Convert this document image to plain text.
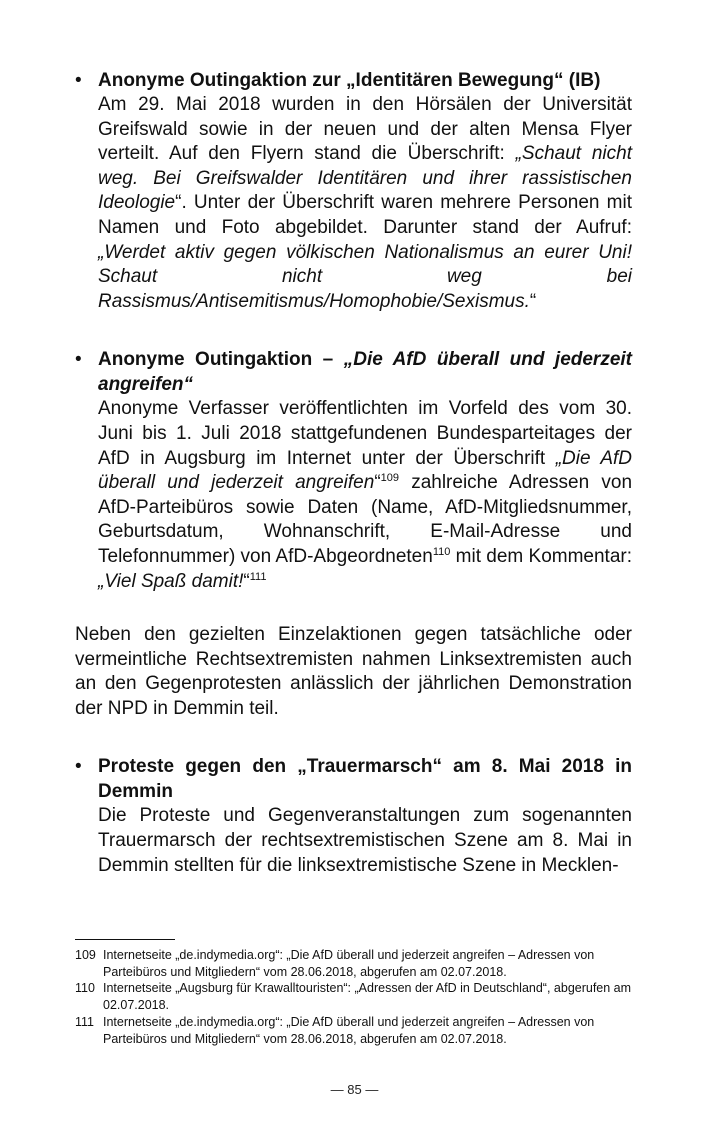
• Anonyme Outingaktion zur „Identitären Bewegung“ (IB)

Am 29. Mai 2018 wurden in den Hörsälen der Universität Greifswald sowie in der neuen und der alten Mensa Flyer verteilt. Auf den Flyern stand die Überschrift: „Schaut nicht weg. Bei Greifswalder Identitären und ihrer rassistischen Ideologie“. Unter der Überschrift waren mehrere Personen mit Namen und Foto abgebildet. Darunter stand der Aufruf: „Werdet aktiv gegen völkischen Nationalismus an eurer Uni! Schaut nicht weg bei Rassismus/Antisemitismus/Homophobie/Sexismus.“

• Anonyme Outingaktion – „Die AfD überall und jederzeit angreifen“

Anonyme Verfasser veröffentlichten im Vorfeld des vom 30. Juni bis 1. Juli 2018 stattgefundenen Bundesparteitages der AfD in Augsburg im Internet unter der Überschrift „Die AfD überall und jederzeit angreifen“$^{109}$ zahlreiche Adressen von AfD-Parteibüros sowie Daten (Name, AfD-Mitgliedsnummer, Geburtsdatum, Wohnanschrift, E-Mail-Adresse und Telefonnummer) von AfD-Abgeordneten$^{110}$ mit dem Kommentar: „Viel Spaß damit!“$^{111}$

Neben den gezielten Einzelaktionen gegen tatsächliche oder vermeintliche Rechtsextremisten nahmen Linksextremisten auch an den Gegenprotesten anlässlich der jährlichen Demonstration der NPD in Demmin teil.

• Proteste gegen den „Trauermarsch“ am 8. Mai 2018 in Demmin

Die Proteste und Gegenveranstaltungen zum sogenannten Trauermarsch der rechtsextremistischen Szene am 8. Mai in Demmin stellten für die linksextremistische Szene in Mecklen-

109 Internetseite „de.indymedia.org“: „Die AfD überall und jederzeit angreifen – Adressen von Parteibüros und Mitgliedern“ vom 28.06.2018, abgerufen am 02.07.2018.
110 Internetseite „Augsburg für Krawalltouristen“: „Adressen der AfD in Deutschland“, abgerufen am 02.07.2018.
111 Internetseite „de.indymedia.org“: „Die AfD überall und jederzeit angreifen – Adressen von Parteibüros und Mitgliedern“ vom 28.06.2018, abgerufen am 02.07.2018.
— 85 —
